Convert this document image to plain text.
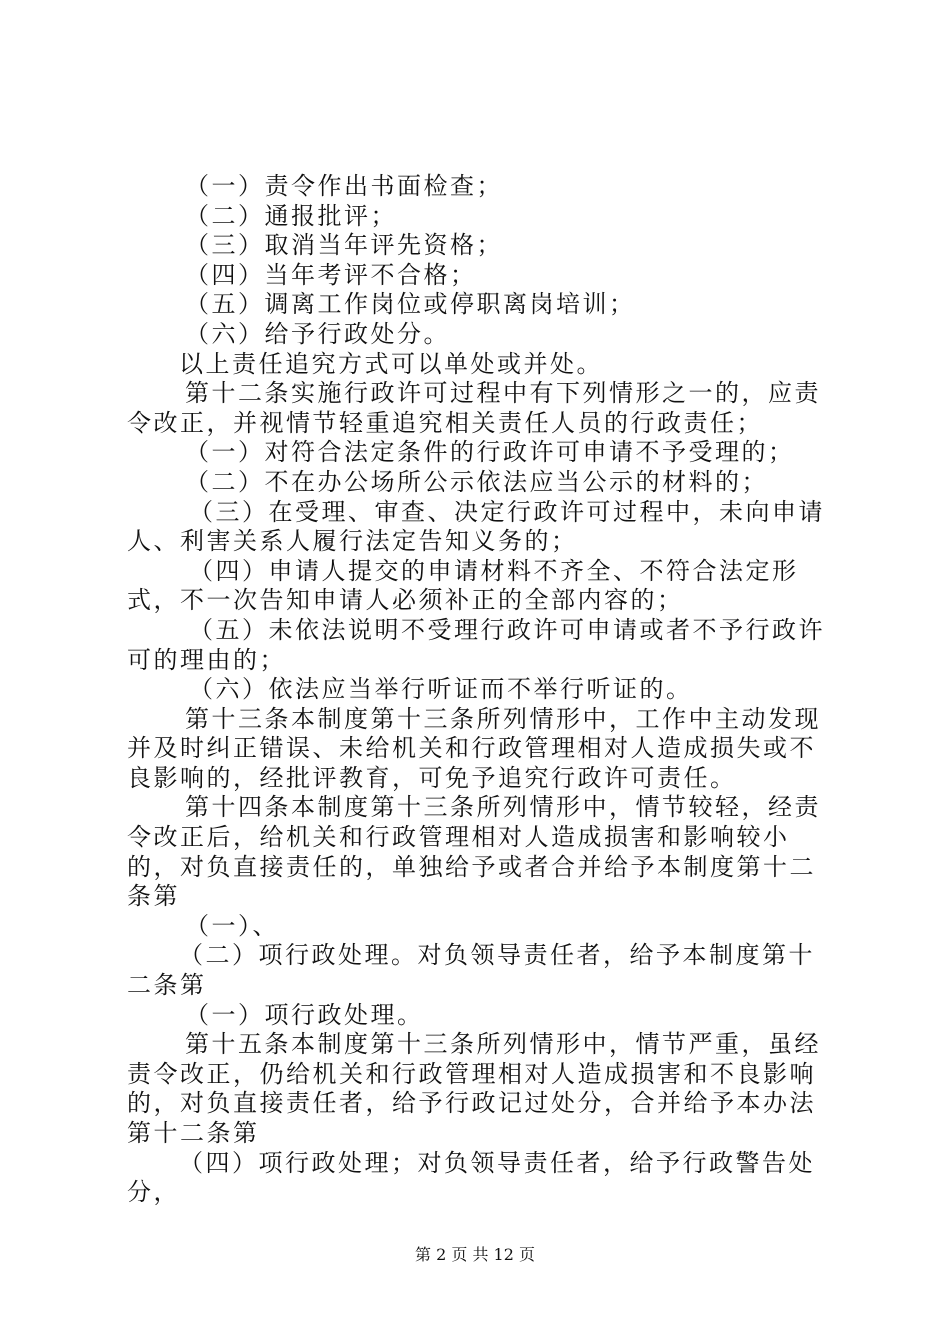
（一）责令作出书面检查；

（二）通报批评；

（三）取消当年评先资格；

（四）当年考评不合格；

（五）调离工作岗位或停职离岗培训；

（六）给予行政处分。

以上责任追究方式可以单处或并处。

第十二条实施行政许可过程中有下列情形之一的，应责令改正，并视情节轻重追究相关责任人员的行政责任；

（一）对符合法定条件的行政许可申请不予受理的；

（二）不在办公场所公示依法应当公示的材料的；

（三）在受理、审查、决定行政许可过程中，未向申请人、利害关系人履行法定告知义务的；

（四）申请人提交的申请材料不齐全、不符合法定形式，不一次告知申请人必须补正的全部内容的；

（五）未依法说明不受理行政许可申请或者不予行政许可的理由的；

（六）依法应当举行听证而不举行听证的。

第十三条本制度第十三条所列情形中，工作中主动发现并及时纠正错误、未给机关和行政管理相对人造成损失或不良影响的，经批评教育，可免予追究行政许可责任。

第十四条本制度第十三条所列情形中，情节较轻，经责令改正后，给机关和行政管理相对人造成损害和影响较小的，对负直接责任的，单独给予或者合并给予本制度第十二条第

（一）、

（二）项行政处理。对负领导责任者，给予本制度第十二条第

（一）项行政处理。

第十五条本制度第十三条所列情形中，情节严重，虽经责令改正，仍给机关和行政管理相对人造成损害和不良影响的，对负直接责任者，给予行政记过处分，合并给予本办法第十二条第

（四）项行政处理；对负领导责任者，给予行政警告处分，

第 2 页 共 12 页
